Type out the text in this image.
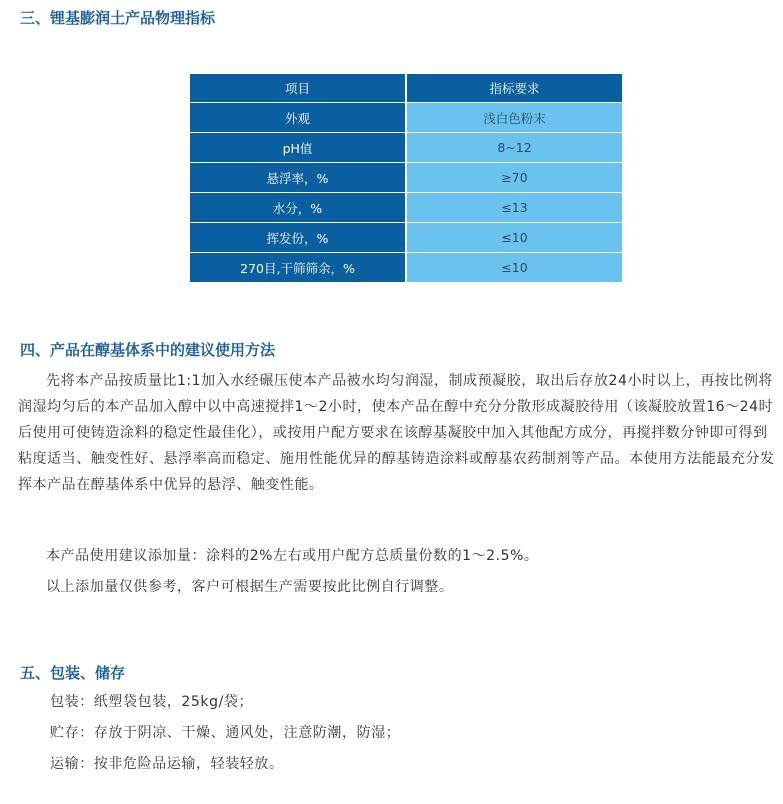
三、锂基膨润土产品物理指标
项目	指标要求
外观	浅白色粉末
pH值	8~12
悬浮率，%	≥70
水分，%	≤13
挥发份，%	≤10
270目,干筛筛余，%	≤10
四、产品在醇基体系中的建议使用方法

先将本产品按质量比1:1加入水经碾压使本产品被水均匀润湿，制成预凝胶，取出后存放24小时以上，再按比例将润湿均匀后的本产品加入醇中以中高速搅拌1～2小时，使本产品在醇中充分分散形成凝胶待用（该凝胶放置16～24时后使用可使铸造涂料的稳定性最佳化），或按用户配方要求在该醇基凝胶中加入其他配方成分，再搅拌数分钟即可得到粘度适当、触变性好、悬浮率高而稳定、施用性能优异的醇基铸造涂料或醇基农药制剂等产品。本使用方法能最充分发挥本产品在醇基体系中优异的悬浮、触变性能。

本产品使用建议添加量：涂料的2%左右或用户配方总质量份数的1～2.5%。

以上添加量仅供参考，客户可根据生产需要按此比例自行调整。

五、包装、储存

包装：纸塑袋包装，25kg/袋；

贮存：存放于阴凉、干燥、通风处，注意防潮，防湿；

运输：按非危险品运输，轻装轻放。
